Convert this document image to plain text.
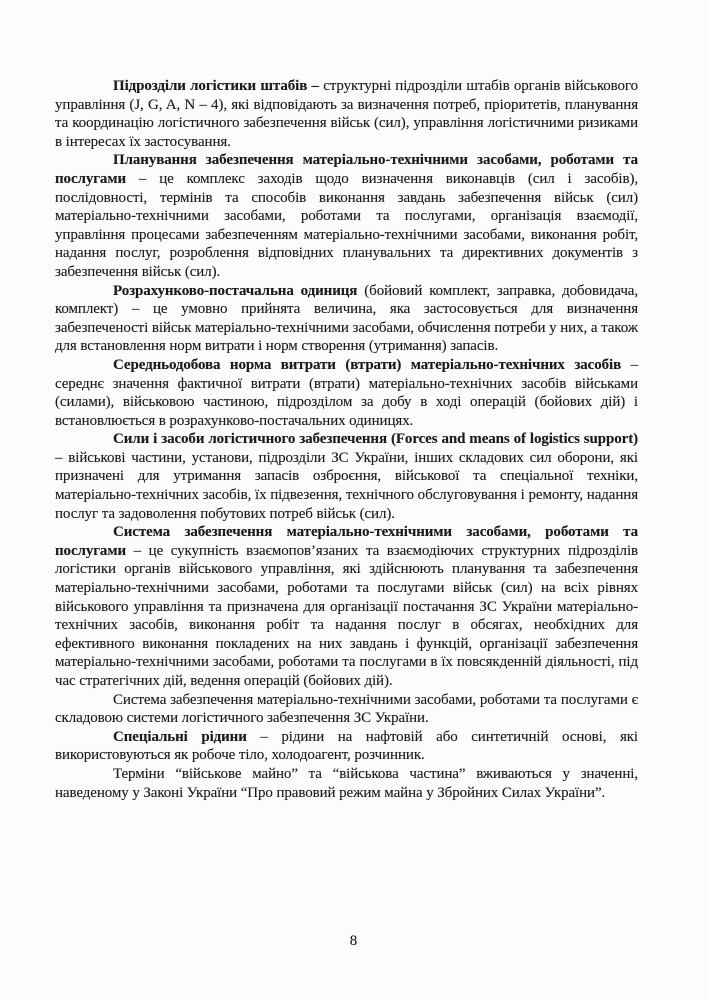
Підрозділи логістики штабів – структурні підрозділи штабів органів військового управління (J, G, A, N – 4), які відповідають за визначення потреб, пріоритетів, планування та координацію логістичного забезпечення військ (сил), управління логістичними ризиками в інтересах їх застосування.

Планування забезпечення матеріально-технічними засобами, роботами та послугами – це комплекс заходів щодо визначення виконавців (сил і засобів), послідовності, термінів та способів виконання завдань забезпечення військ (сил) матеріально-технічними засобами, роботами та послугами, організація взаємодії, управління процесами забезпеченням матеріально-технічними засобами, виконання робіт, надання послуг, розроблення відповідних планувальних та директивних документів з забезпечення військ (сил).

Розрахунково-постачальна одиниця (бойовий комплект, заправка, добовидача, комплект) – це умовно прийнята величина, яка застосовується для визначення забезпеченості військ матеріально-технічними засобами, обчислення потреби у них, а також для встановлення норм витрати і норм створення (утримання) запасів.

Середньодобова норма витрати (втрати) матеріально-технічних засобів – середнє значення фактичної витрати (втрати) матеріально-технічних засобів військами (силами), військовою частиною, підрозділом за добу в ході операцій (бойових дій) і встановлюється в розрахунково-постачальних одиницях.

Сили і засоби логістичного забезпечення (Forces and means of logistics support) – військові частини, установи, підрозділи ЗС України, інших складових сил оборони, які призначені для утримання запасів озброєння, військової та спеціальної техніки, матеріально-технічних засобів, їх підвезення, технічного обслуговування і ремонту, надання послуг та задоволення побутових потреб військ (сил).

Система забезпечення матеріально-технічними засобами, роботами та послугами – це сукупність взаємопов’язаних та взаємодіючих структурних підрозділів логістики органів військового управління, які здійснюють планування та забезпечення матеріально-технічними засобами, роботами та послугами військ (сил) на всіх рівнях військового управління та призначена для організації постачання ЗС України матеріально-технічних засобів, виконання робіт та надання послуг в обсягах, необхідних для ефективного виконання покладених на них завдань і функцій, організації забезпечення матеріально-технічними засобами, роботами та послугами в їх повсякденній діяльності, під час стратегічних дій, ведення операцій (бойових дій).

Система забезпечення матеріально-технічними засобами, роботами та послугами є складовою системи логістичного забезпечення ЗС України.

Спеціальні рідини – рідини на нафтовій або синтетичній основі, які використовуються як робоче тіло, холодоагент, розчинник.

Терміни “військове майно” та “військова частина” вживаються у значенні, наведеному у Законі України “Про правовий режим майна у Збройних Силах України”.

8
